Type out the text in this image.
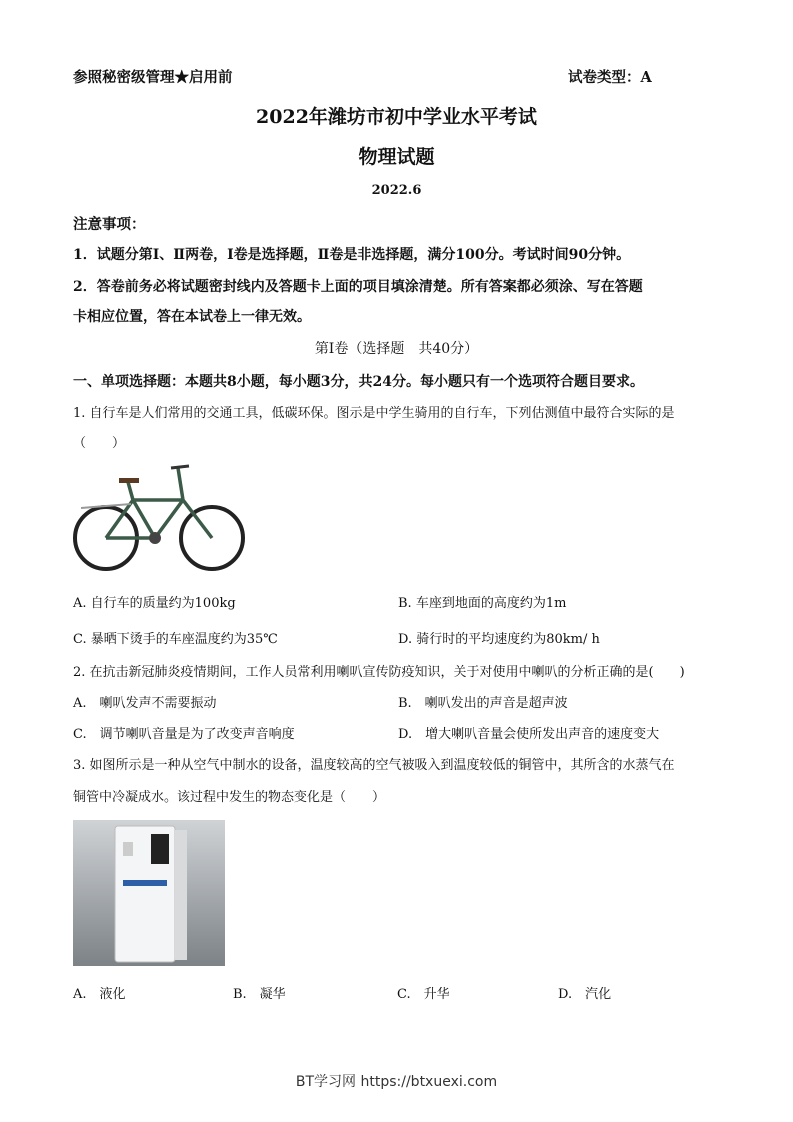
参照秘密级管理★启用前	试卷类型：A
2022年潍坊市初中学业水平考试
物理试题
2022.6
注意事项：
1．试题分第Ⅰ、Ⅱ两卷，Ⅰ卷是选择题，Ⅱ卷是非选择题，满分100分。考试时间90分钟。
2．答卷前务必将试题密封线内及答题卡上面的项目填涂清楚。所有答案都必须涂、写在答题
卡相应位置，答在本试卷上一律无效。
第Ⅰ卷（选择题　共40分）
一、单项选择题：本题共8小题，每小题3分，共24分。每小题只有一个选项符合题目要求。
1. 自行车是人们常用的交通工具，低碳环保。图示是中学生骑用的自行车，下列估测值中最符合实际的是
（　　）
A. 自行车的质量约为100kg	B. 车座到地面的高度约为1m
C. 暴晒下烫手的车座温度约为35℃	D. 骑行时的平均速度约为80km/ h
2. 在抗击新冠肺炎疫情期间，工作人员常利用喇叭宣传防疫知识，关于对使用中喇叭的分析正确的是(　　)
A.　喇叭发声不需要振动	B.　喇叭发出的声音是超声波
C.　调节喇叭音量是为了改变声音响度	D.　增大喇叭音量会使所发出声音的速度变大
3. 如图所示是一种从空气中制水的设备，温度较高的空气被吸入到温度较低的铜管中，其所含的水蒸气在
铜管中冷凝成水。该过程中发生的物态变化是（　　）
A.　液化	B.　凝华	C.　升华	D.　汽化
BT学习网 https://btxuexi.com
